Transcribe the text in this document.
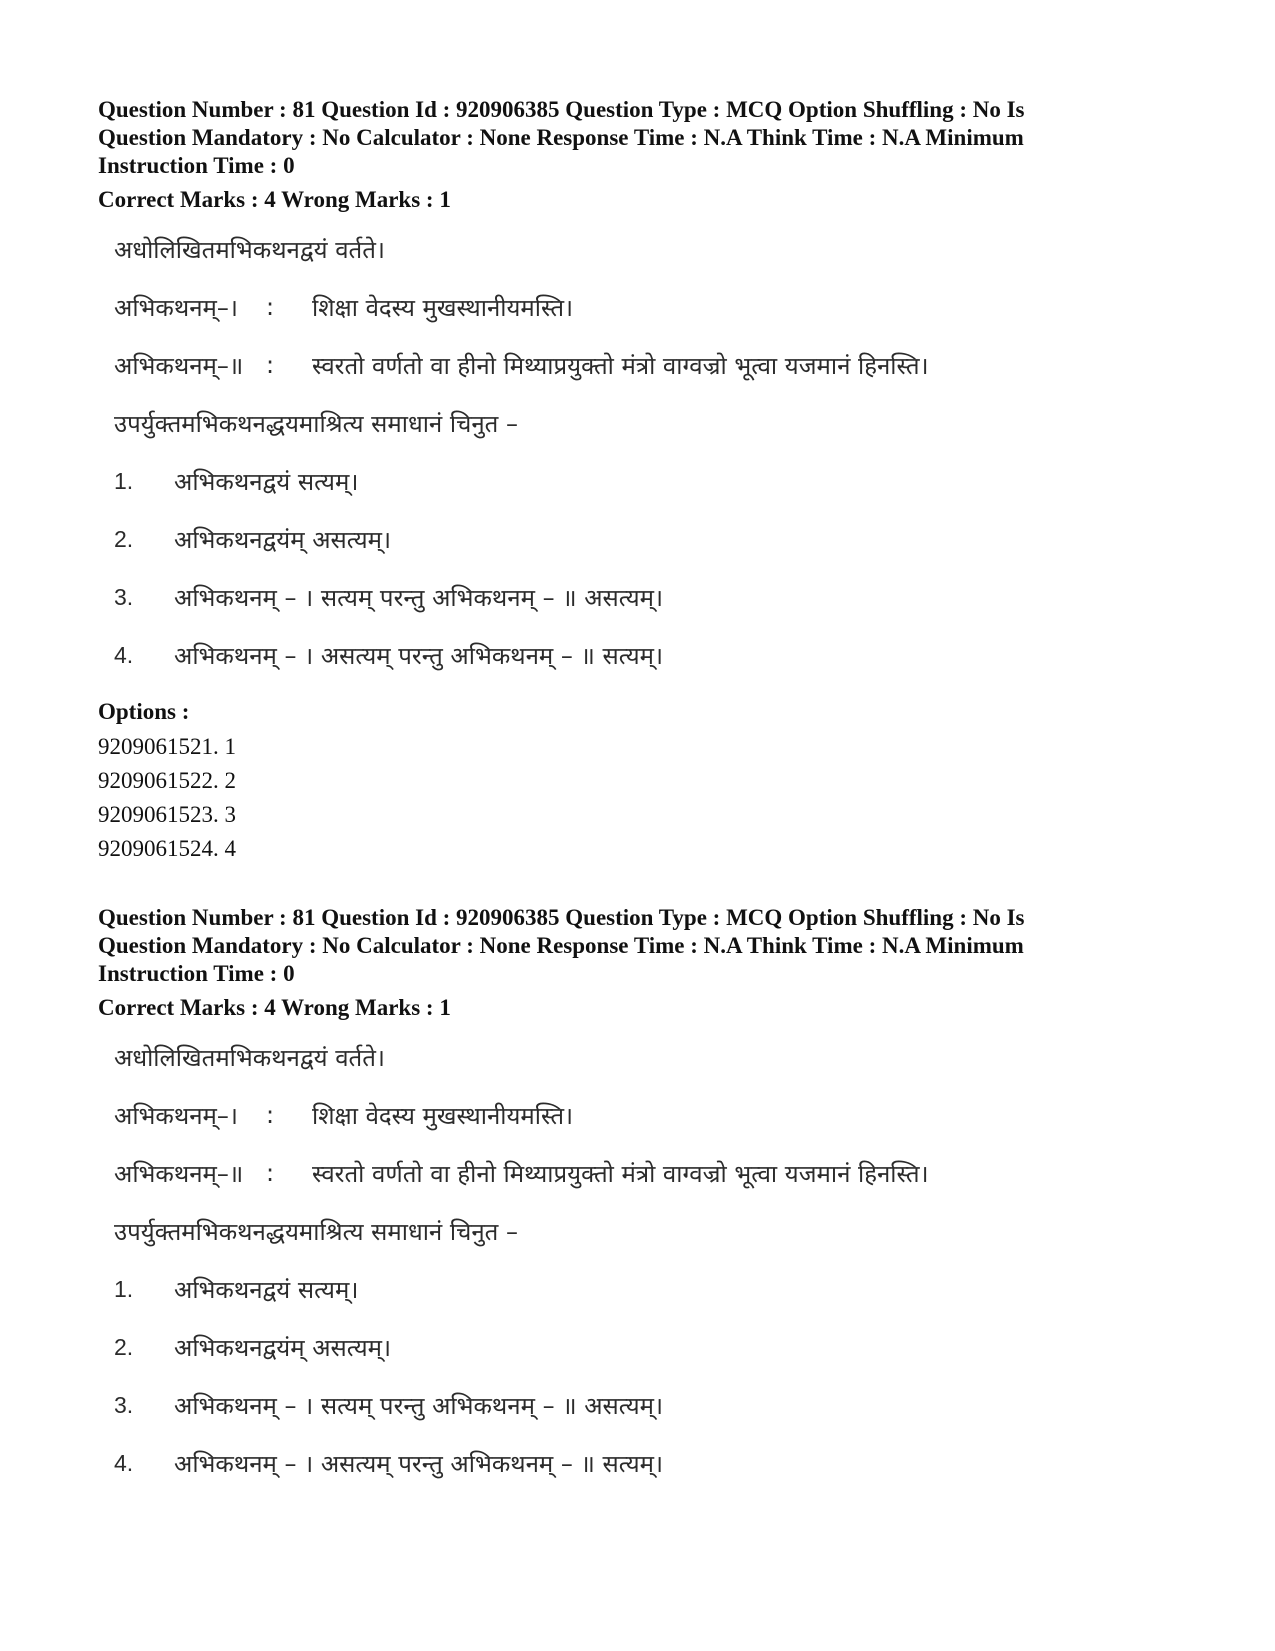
Question Number : 81 Question Id : 920906385 Question Type : MCQ Option Shuffling : No Is

Question Mandatory : No Calculator : None Response Time : N.A Think Time : N.A Minimum

Instruction Time : 0

Correct Marks : 4 Wrong Marks : 1

अधोलिखितमभिकथनद्वयं वर्तते।
अभिकथनम्–।	:	शिक्षा वेदस्य मुखस्थानीयमस्ति।
अभिकथनम्–॥ :	स्वरतो वर्णतो वा हीनो मिथ्याप्रयुक्तो मंत्रो वाग्वज्रो भूत्वा यजमानं हिनस्ति।
उपर्युक्तमभिकथनद्धयमाश्रित्य समाधानं चिनुत –
1.	अभिकथनद्वयं सत्यम्।
2.	अभिकथनद्वयंम् असत्यम्।
3.	अभिकथनम् – । सत्यम् परन्तु अभिकथनम् – ॥ असत्यम्।
4.	अभिकथनम् – । असत्यम् परन्तु अभिकथनम् – ॥ सत्यम्।

Options :

9209061521. 1

9209061522. 2

9209061523. 3

9209061524. 4

Question Number : 81 Question Id : 920906385 Question Type : MCQ Option Shuffling : No Is

Question Mandatory : No Calculator : None Response Time : N.A Think Time : N.A Minimum

Instruction Time : 0

Correct Marks : 4 Wrong Marks : 1

अधोलिखितमभिकथनद्वयं वर्तते।
अभिकथनम्–।	:	शिक्षा वेदस्य मुखस्थानीयमस्ति।
अभिकथनम्–॥ :	स्वरतो वर्णतो वा हीनो मिथ्याप्रयुक्तो मंत्रो वाग्वज्रो भूत्वा यजमानं हिनस्ति।
उपर्युक्तमभिकथनद्धयमाश्रित्य समाधानं चिनुत –
1.	अभिकथनद्वयं सत्यम्।
2.	अभिकथनद्वयंम् असत्यम्।
3.	अभिकथनम् – । सत्यम् परन्तु अभिकथनम् – ॥ असत्यम्।
4.	अभिकथनम् – । असत्यम् परन्तु अभिकथनम् – ॥ सत्यम्।
